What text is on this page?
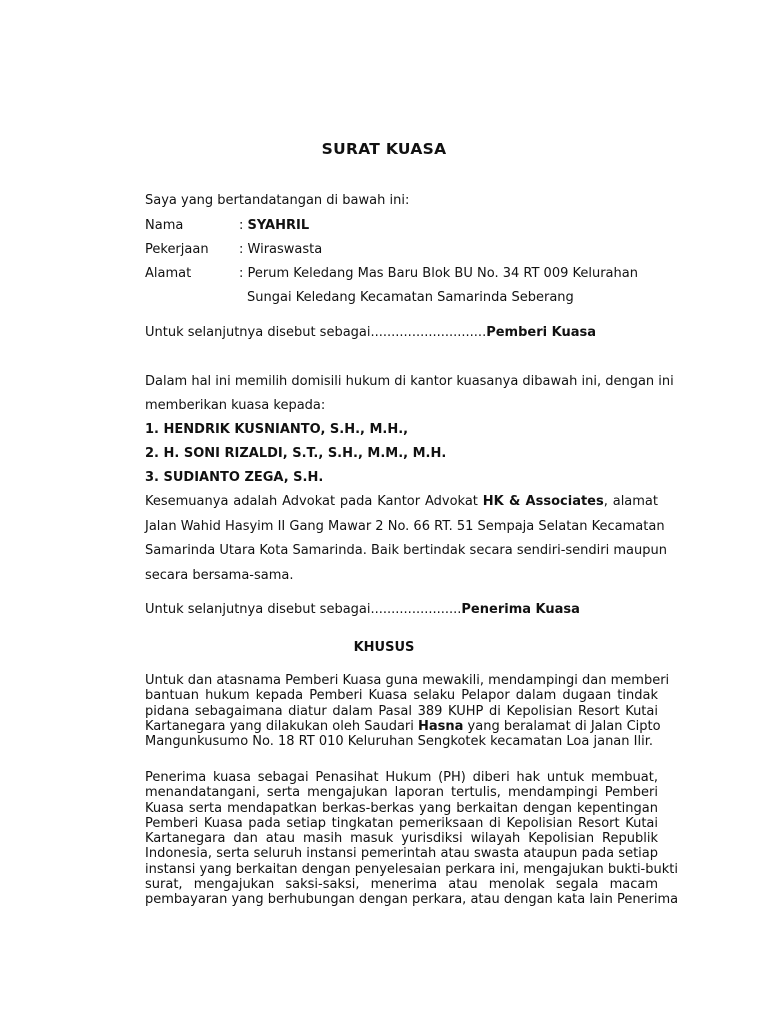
SURAT KUASA
Saya yang bertandatangan di bawah ini:
Nama	: SYAHRIL
Pekerjaan : Wiraswasta
Alamat	: Perum Keledang Mas Baru Blok BU No. 34 RT 009 Kelurahan
Sungai Keledang Kecamatan Samarinda Seberang
Untuk selanjutnya disebut sebagai............................Pemberi Kuasa
Dalam hal ini memilih domisili hukum di kantor kuasanya dibawah ini, dengan ini
memberikan kuasa kepada:
1. HENDRIK KUSNIANTO, S.H., M.H.,
2. H. SONI RIZALDI, S.T., S.H., M.M., M.H.
3. SUDIANTO ZEGA, S.H.
Kesemuanya adalah Advokat pada Kantor Advokat HK & Associates, alamat
Jalan Wahid Hasyim II Gang Mawar 2 No. 66 RT. 51 Sempaja Selatan Kecamatan
Samarinda Utara Kota Samarinda. Baik bertindak secara sendiri-sendiri maupun
secara bersama-sama.
Untuk selanjutnya disebut sebagai......................Penerima Kuasa
KHUSUS
Untuk dan atasnama Pemberi Kuasa guna mewakili, mendampingi dan memberi
bantuan hukum kepada Pemberi Kuasa selaku Pelapor dalam dugaan tindak
pidana sebagaimana diatur dalam Pasal 389 KUHP di Kepolisian Resort Kutai
Kartanegara yang dilakukan oleh Saudari Hasna yang beralamat di Jalan Cipto
Mangunkusumo No. 18 RT 010 Keluruhan Sengkotek kecamatan Loa janan Ilir.
Penerima kuasa sebagai Penasihat Hukum (PH) diberi hak untuk membuat,
menandatangani, serta mengajukan laporan tertulis, mendampingi Pemberi
Kuasa serta mendapatkan berkas-berkas yang berkaitan dengan kepentingan
Pemberi Kuasa pada setiap tingkatan pemeriksaan di Kepolisian Resort Kutai
Kartanegara dan atau masih masuk yurisdiksi wilayah Kepolisian Republik
Indonesia, serta seluruh instansi pemerintah atau swasta ataupun pada setiap
instansi yang berkaitan dengan penyelesaian perkara ini, mengajukan bukti-bukti
surat, mengajukan saksi-saksi, menerima atau menolak segala macam
pembayaran yang berhubungan dengan perkara, atau dengan kata lain Penerima
